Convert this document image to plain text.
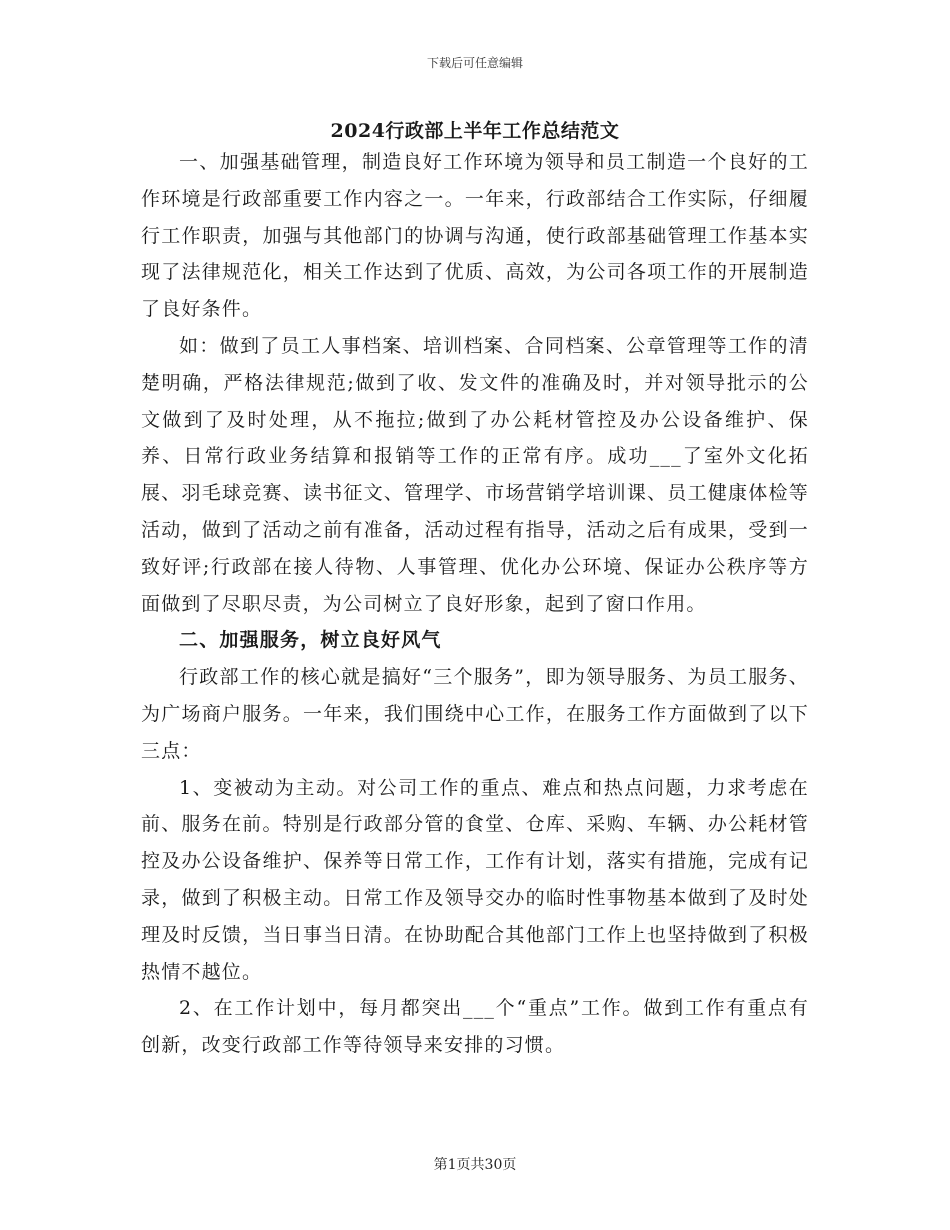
下载后可任意编辑
2024行政部上半年工作总结范文

一、加强基础管理，制造良好工作环境为领导和员工制造一个良好的工作环境是行政部重要工作内容之一。一年来，行政部结合工作实际，仔细履行工作职责，加强与其他部门的协调与沟通，使行政部基础管理工作基本实现了法律规范化，相关工作达到了优质、高效，为公司各项工作的开展制造了良好条件。

如：做到了员工人事档案、培训档案、合同档案、公章管理等工作的清楚明确，严格法律规范;做到了收、发文件的准确及时，并对领导批示的公文做到了及时处理，从不拖拉;做到了办公耗材管控及办公设备维护、保养、日常行政业务结算和报销等工作的正常有序。成功___了室外文化拓展、羽毛球竞赛、读书征文、管理学、市场营销学培训课、员工健康体检等活动，做到了活动之前有准备，活动过程有指导，活动之后有成果，受到一致好评;行政部在接人待物、人事管理、优化办公环境、保证办公秩序等方面做到了尽职尽责，为公司树立了良好形象，起到了窗口作用。

二、加强服务，树立良好风气

行政部工作的核心就是搞好“三个服务”，即为领导服务、为员工服务、为广场商户服务。一年来，我们围绕中心工作，在服务工作方面做到了以下三点：

1、变被动为主动。对公司工作的重点、难点和热点问题，力求考虑在前、服务在前。特别是行政部分管的食堂、仓库、采购、车辆、办公耗材管控及办公设备维护、保养等日常工作，工作有计划，落实有措施，完成有记录，做到了积极主动。日常工作及领导交办的临时性事物基本做到了及时处理及时反馈，当日事当日清。在协助配合其他部门工作上也坚持做到了积极热情不越位。

2、在工作计划中，每月都突出___个“重点”工作。做到工作有重点有创新，改变行政部工作等待领导来安排的习惯。

第1页共30页
